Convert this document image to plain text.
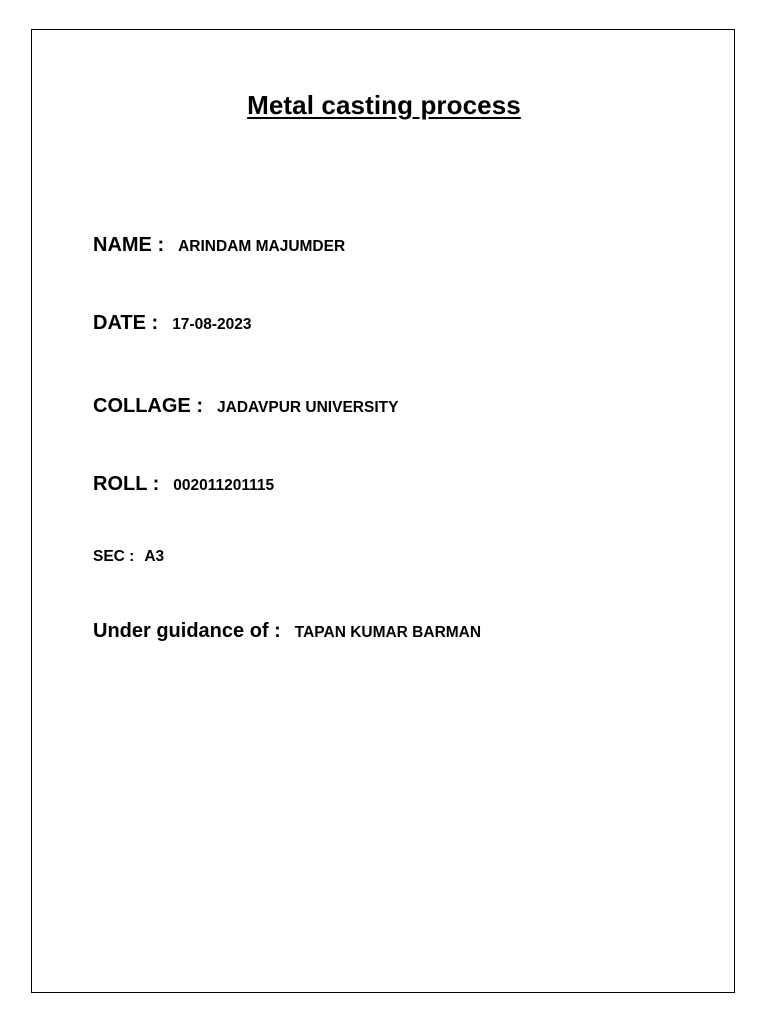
Metal casting process
NAME : ARINDAM MAJUMDER
DATE : 17-08-2023
COLLAGE : JADAVPUR UNIVERSITY
ROLL : 002011201115
SEC : A3
Under guidance of : TAPAN KUMAR BARMAN
